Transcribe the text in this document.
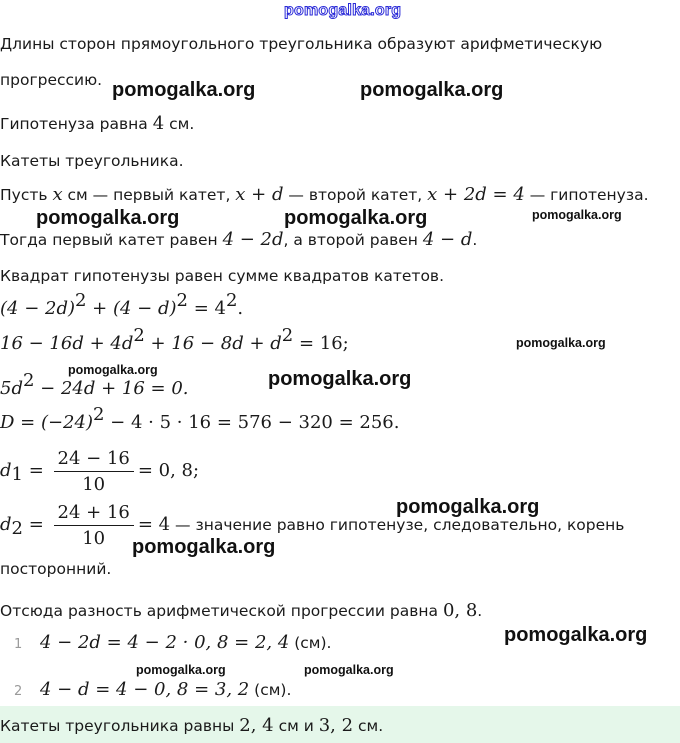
pomogalka.org
Длины сторон прямоугольного треугольника образуют арифметическую
прогрессию.
Гипотенуза равна 4 см.
Катеты треугольника.
Пусть x см — первый катет, x + d — второй катет, x + 2d = 4 — гипотенуза.
Тогда первый катет равен 4 − 2d, а второй равен 4 − d.
Квадрат гипотенузы равен сумме квадратов катетов.
$(4 - 2d)^2 + (4 - d)^2 = 4^2$.
$16 - 16d + 4d^2 + 16 - 8d + d^2 = 16$;
$5d^2 - 24d + 16 = 0$.
$D = (-24)^2 - 4 \cdot 5 \cdot 16 = 576 - 320 = 256$.
$d_1 = \frac{24 - 16}{10} = 0$, 8;
$d_2 = \frac{24 + 16}{10} = 4$ — значение равно гипотенузе, следовательно, корень
посторонний.
Отсюда разность арифметической прогрессии равна 0, 8.
1 4 − 2d = 4 − 2 · 0, 8 = 2, 4 (см).
2 4 − d = 4 − 0, 8 = 3, 2 (см).
Катеты треугольника равны 2, 4 см и 3, 2 см.
pomogalka.org	pomogalka.org
pomogalka.org	pomogalka.org	pomogalka.org
pomogalka.org
pomogalka.org	pomogalka.org
pomogalka.org
pomogalka.org
pomogalka.org
pomogalka.org	pomogalka.org
